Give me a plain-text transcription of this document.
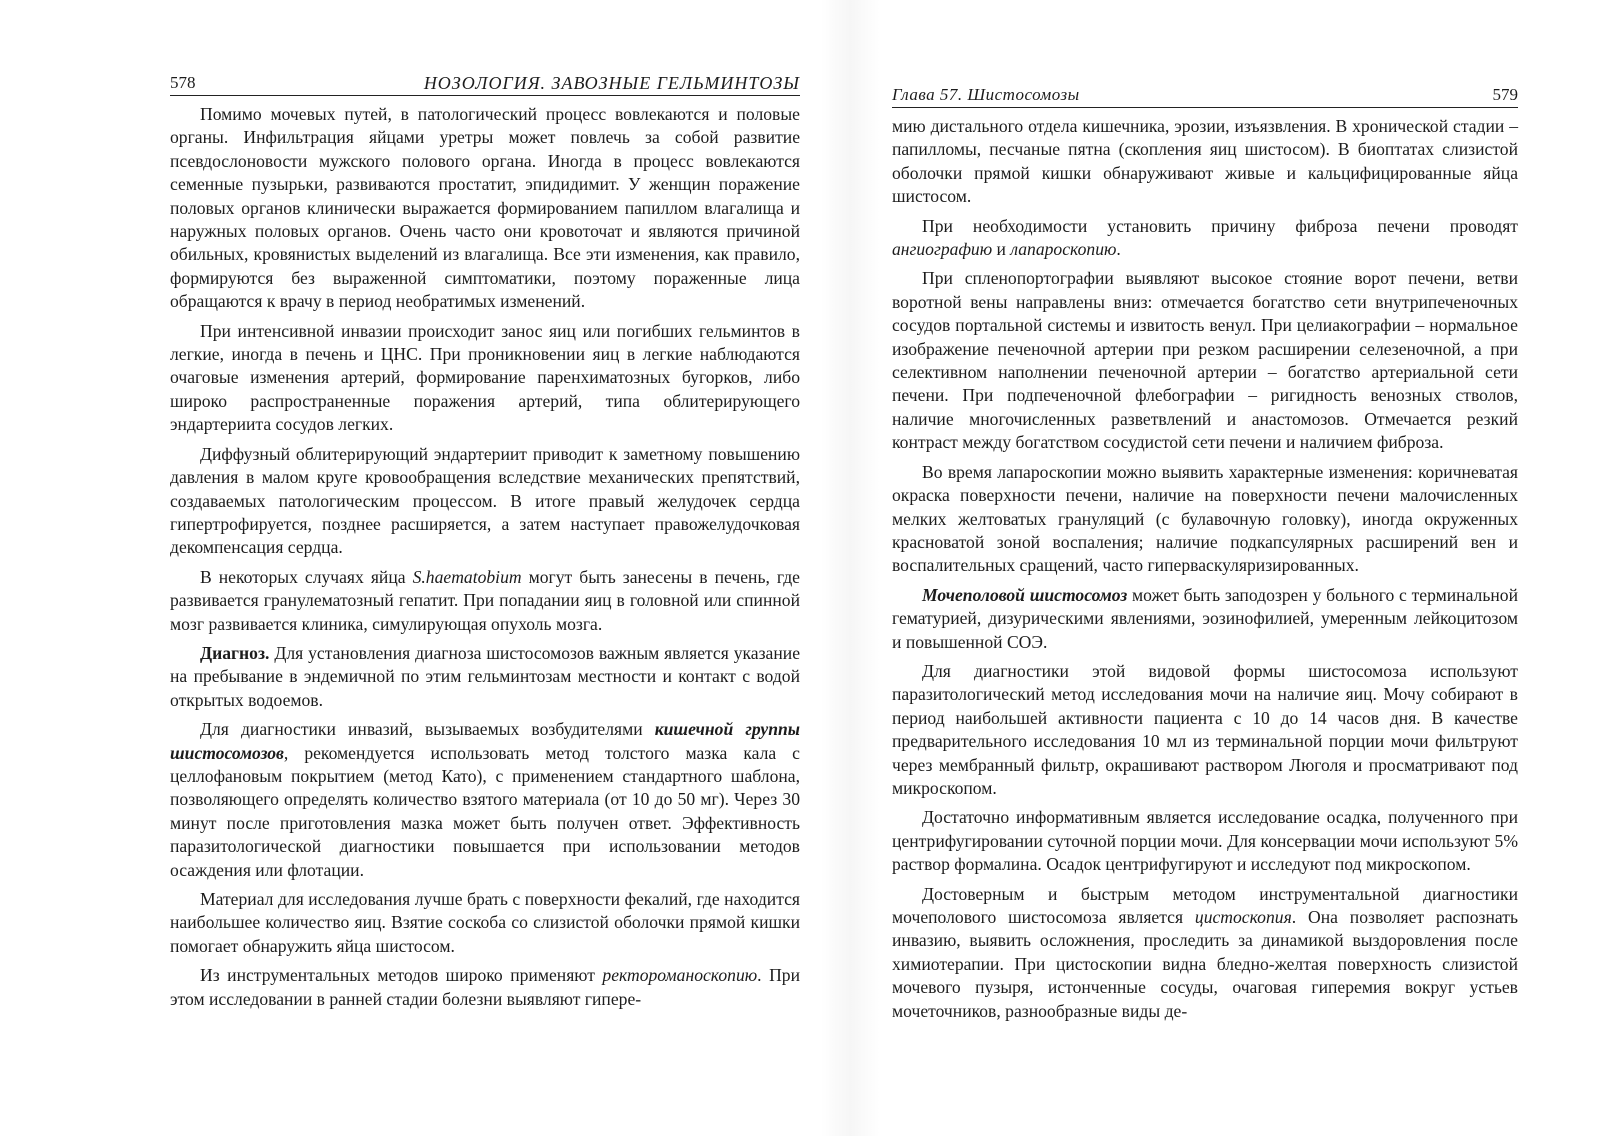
578	НОЗОЛОГИЯ. ЗАВОЗНЫЕ ГЕЛЬМИНТОЗЫ

Помимо мочевых путей, в патологический процесс вовлекаются и половые органы. Инфильтрация яйцами уретры может повлечь за собой развитие псевдослоновости мужского полового органа. Иногда в процесс вовлекаются семенные пузырьки, развиваются простатит, эпидидимит. У женщин поражение половых органов клинически выражается формированием папиллом влагалища и наружных половых органов. Очень часто они кровоточат и являются причиной обильных, кровянистых выделений из влагалища. Все эти изменения, как правило, формируются без выраженной симптоматики, поэтому пораженные лица обращаются к врачу в период необратимых изменений.

При интенсивной инвазии происходит занос яиц или погибших гельминтов в легкие, иногда в печень и ЦНС. При проникновении яиц в легкие наблюдаются очаговые изменения артерий, формирование паренхиматозных бугорков, либо широко распространенные поражения артерий, типа облитерирующего эндартериита сосудов легких.

Диффузный облитерирующий эндартериит приводит к заметному повышению давления в малом круге кровообращения вследствие механических препятствий, создаваемых патологическим процессом. В итоге правый желудочек сердца гипертрофируется, позднее расширяется, а затем наступает правожелудочковая декомпенсация сердца.

В некоторых случаях яйца S.haematobium могут быть занесены в печень, где развивается гранулематозный гепатит. При попадании яиц в головной или спинной мозг развивается клиника, симулирующая опухоль мозга.

Диагноз. Для установления диагноза шистосомозов важным является указание на пребывание в эндемичной по этим гельминтозам местности и контакт с водой открытых водоемов.

Для диагностики инвазий, вызываемых возбудителями кишечной группы шистосомозов, рекомендуется использовать метод толстого мазка кала с целлофановым покрытием (метод Като), с применением стандартного шаблона, позволяющего определять количество взятого материала (от 10 до 50 мг). Через 30 минут после приготовления мазка может быть получен ответ. Эффективность паразитологической диагностики повышается при использовании методов осаждения или флотации.

Материал для исследования лучше брать с поверхности фекалий, где находится наибольшее количество яиц. Взятие соскоба со слизистой оболочки прямой кишки помогает обнаружить яйца шистосом.

Из инструментальных методов широко применяют ректороманоскопию. При этом исследовании в ранней стадии болезни выявляют гипере-

Глава 57. Шистосомозы	579

мию дистального отдела кишечника, эрозии, изъязвления. В хронической стадии – папилломы, песчаные пятна (скопления яиц шистосом). В биоптатах слизистой оболочки прямой кишки обнаруживают живые и кальцифицированные яйца шистосом.

При необходимости установить причину фиброза печени проводят ангиографию и лапароскопию.

При спленопортографии выявляют высокое стояние ворот печени, ветви воротной вены направлены вниз: отмечается богатство сети внутрипеченочных сосудов портальной системы и извитость венул. При целиакографии – нормальное изображение печеночной артерии при резком расширении селезеночной, а при селективном наполнении печеночной артерии – богатство артериальной сети печени. При подпеченочной флебографии – ригидность венозных стволов, наличие многочисленных разветвлений и анастомозов. Отмечается резкий контраст между богатством сосудистой сети печени и наличием фиброза.

Во время лапароскопии можно выявить характерные изменения: коричневатая окраска поверхности печени, наличие на поверхности печени малочисленных мелких желтоватых грануляций (с булавочную головку), иногда окруженных красноватой зоной воспаления; наличие подкапсулярных расширений вен и воспалительных сращений, часто гиперваскуляризированных.

Мочеполовой шистосомоз может быть заподозрен у больного с терминальной гематурией, дизурическими явлениями, эозинофилией, умеренным лейкоцитозом и повышенной СОЭ.

Для диагностики этой видовой формы шистосомоза используют паразитологический метод исследования мочи на наличие яиц. Мочу собирают в период наибольшей активности пациента с 10 до 14 часов дня. В качестве предварительного исследования 10 мл из терминальной порции мочи фильтруют через мембранный фильтр, окрашивают раствором Люголя и просматривают под микроскопом.

Достаточно информативным является исследование осадка, полученного при центрифугировании суточной порции мочи. Для консервации мочи используют 5% раствор формалина. Осадок центрифугируют и исследуют под микроскопом.

Достоверным и быстрым методом инструментальной диагностики мочеполового шистосомоза является цистоскопия. Она позволяет распознать инвазию, выявить осложнения, проследить за динамикой выздоровления после химиотерапии. При цистоскопии видна бледно-желтая поверхность слизистой мочевого пузыря, истонченные сосуды, очаговая гиперемия вокруг устьев мочеточников, разнообразные виды де-
